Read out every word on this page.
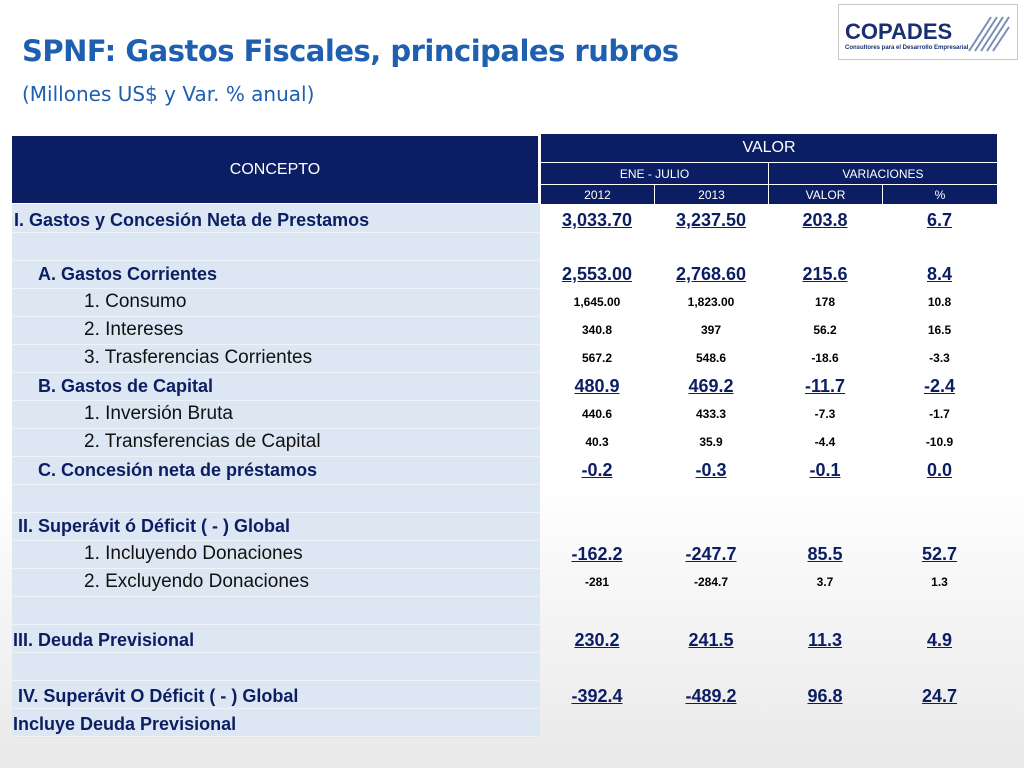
SPNF: Gastos Fiscales, principales rubros
(Millones US$ y Var. % anual)
COPADES
Consultores para el Desarrollo Empresarial
CONCEPTO
VALOR
ENE - JULIO	VARIACIONES
2012	2013	VALOR	%
I. Gastos y Concesión Neta de Prestamos	3,033.70	3,237.50	203.8	6.7
A. Gastos Corrientes	2,553.00	2,768.60	215.6	8.4
1. Consumo	1,645.00	1,823.00	178	10.8
2. Intereses	340.8	397	56.2	16.5
3. Trasferencias Corrientes	567.2	548.6	-18.6	-3.3
B. Gastos de Capital	480.9	469.2	-11.7	-2.4
1. Inversión Bruta	440.6	433.3	-7.3	-1.7
2. Transferencias de Capital	40.3	35.9	-4.4	-10.9
C. Concesión neta de préstamos	-0.2	-0.3	-0.1	0.0
II. Superávit ó Déficit ( - ) Global
1. Incluyendo Donaciones	-162.2	-247.7	85.5	52.7
2. Excluyendo Donaciones	-281	-284.7	3.7	1.3
III. Deuda Previsional	230.2	241.5	11.3	4.9
IV. Superávit O Déficit ( - ) Global	-392.4	-489.2	96.8	24.7
Incluye Deuda Previsional
